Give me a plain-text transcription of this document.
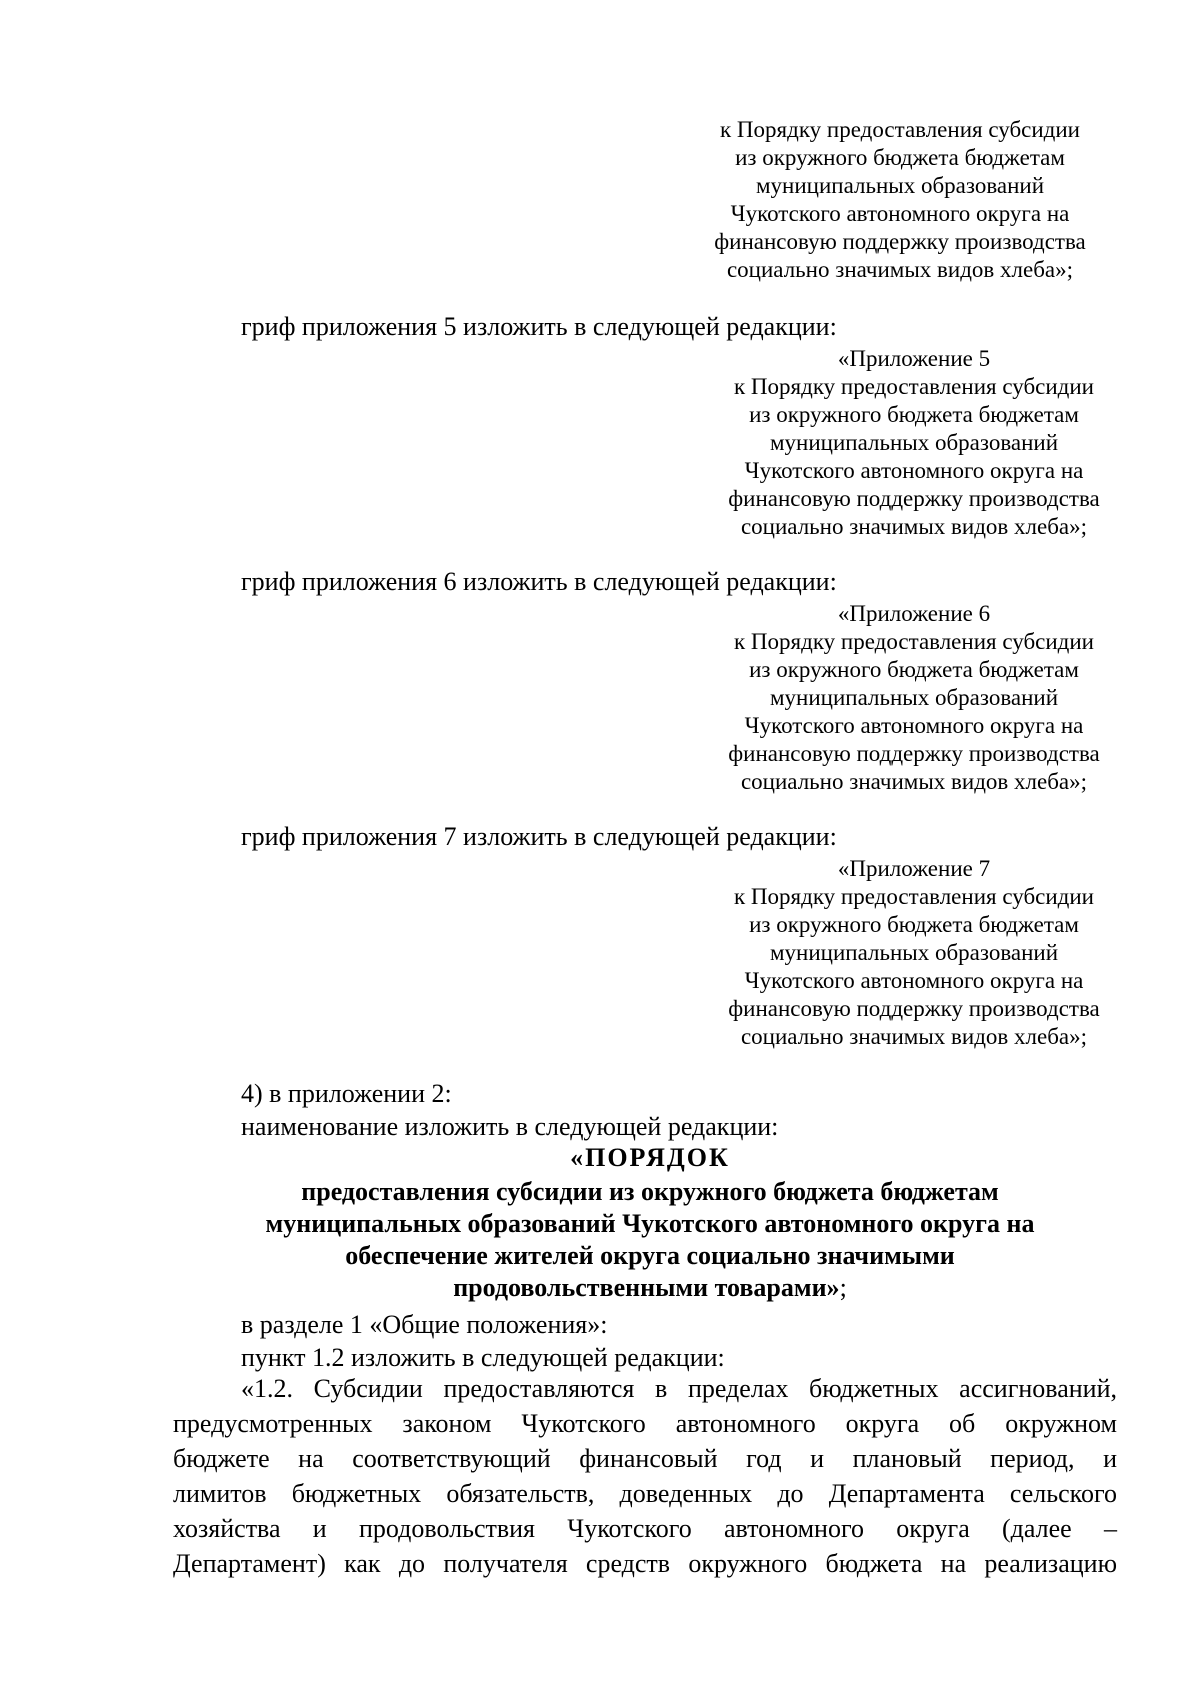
к Порядку предоставления субсидии
из окружного бюджета бюджетам
муниципальных образований
Чукотского автономного округа на
финансовую поддержку производства
социально значимых видов хлеба»;
гриф приложения 5 изложить в следующей редакции:
«Приложение 5
к Порядку предоставления субсидии
из окружного бюджета бюджетам
муниципальных образований
Чукотского автономного округа на
финансовую поддержку производства
социально значимых видов хлеба»;
гриф приложения 6 изложить в следующей редакции:
«Приложение 6
к Порядку предоставления субсидии
из окружного бюджета бюджетам
муниципальных образований
Чукотского автономного округа на
финансовую поддержку производства
социально значимых видов хлеба»;
гриф приложения 7 изложить в следующей редакции:
«Приложение 7
к Порядку предоставления субсидии
из окружного бюджета бюджетам
муниципальных образований
Чукотского автономного округа на
финансовую поддержку производства
социально значимых видов хлеба»;
4) в приложении 2:
наименование изложить в следующей редакции:
«ПОРЯДОК
предоставления субсидии из окружного бюджета бюджетам
муниципальных образований Чукотского автономного округа на
обеспечение жителей округа социально значимыми
продовольственными товарами»;
в разделе 1 «Общие положения»:
пункт 1.2 изложить в следующей редакции:
«1.2. Субсидии предоставляются в пределах бюджетных ассигнований,
предусмотренных законом Чукотского автономного округа об окружном
бюджете на соответствующий финансовый год и плановый период, и
лимитов бюджетных обязательств, доведенных до Департамента сельского
хозяйства и продовольствия Чукотского автономного округа (далее –
Департамент) как до получателя средств окружного бюджета на реализацию
